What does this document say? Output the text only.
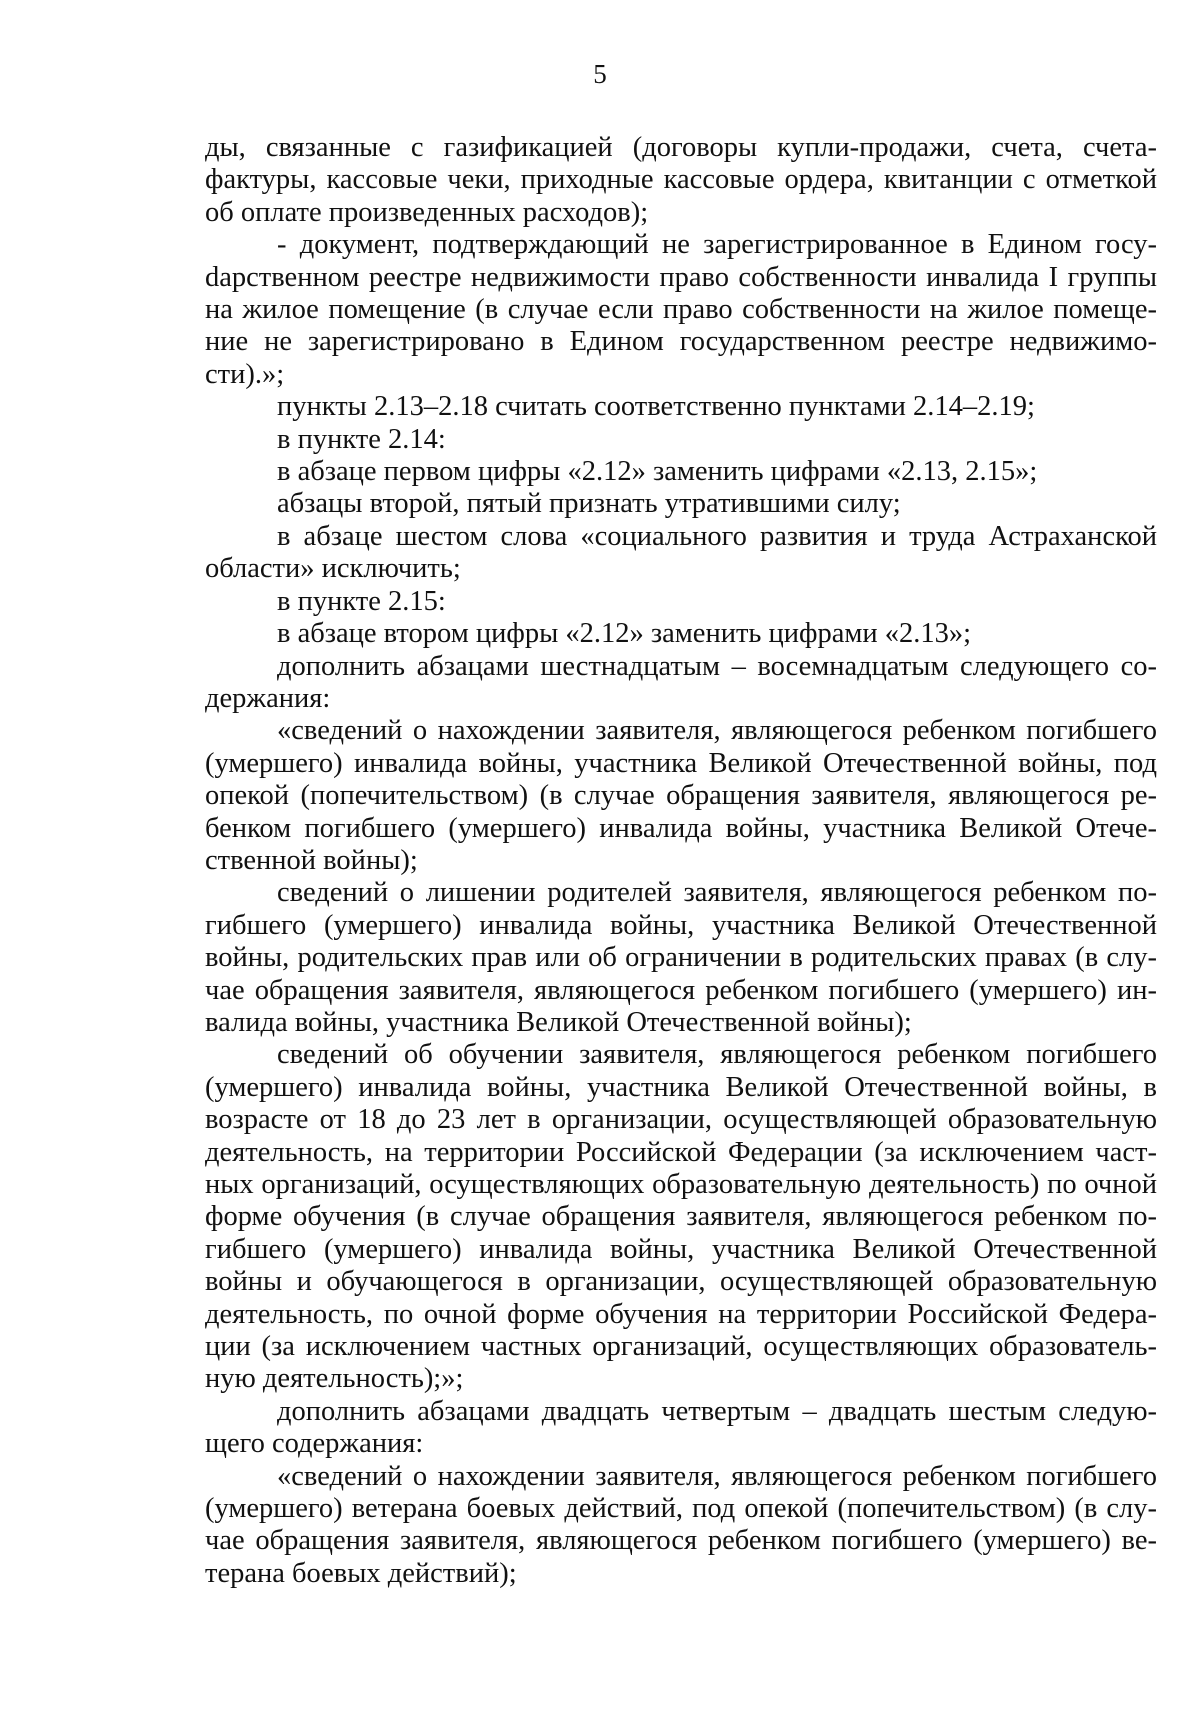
5

ды, связанные с газификацией (договоры купли-продажи, счета, счета-фактуры, кассовые чеки, приходные кассовые ордера, квитанции с отметкой об оплате произведенных расходов);

- документ, подтверждающий не зарегистрированное в Едином госуdарственном реестре недвижимости право собственности инвалида I группы на жилое помещение (в случае если право собственности на жилое помещение не зарегистрировано в Едином государственном реестре недвижимости).»;

пункты 2.13–2.18 считать соответственно пунктами 2.14–2.19;

в пункте 2.14:

в абзаце первом цифры «2.12» заменить цифрами «2.13, 2.15»;

абзацы второй, пятый признать утратившими силу;

в абзаце шестом слова «социального развития и труда Астраханской области» исключить;

в пункте 2.15:

в абзаце втором цифры «2.12» заменить цифрами «2.13»;

дополнить абзацами шестнадцатым – восемнадцатым следующего содержания:

«сведений о нахождении заявителя, являющегося ребенком погибшего (умершего) инвалида войны, участника Великой Отечественной войны, под опекой (попечительством) (в случае обращения заявителя, являющегося ребенком погибшего (умершего) инвалида войны, участника Великой Отечественной войны);

сведений о лишении родителей заявителя, являющегося ребенком погибшего (умершего) инвалида войны, участника Великой Отечественной войны, родительских прав или об ограничении в родительских правах (в случае обращения заявителя, являющегося ребенком погибшего (умершего) инвалида войны, участника Великой Отечественной войны);

сведений об обучении заявителя, являющегося ребенком погибшего (умершего) инвалида войны, участника Великой Отечественной войны, в возрасте от 18 до 23 лет в организации, осуществляющей образовательную деятельность, на территории Российской Федерации (за исключением частных организаций, осуществляющих образовательную деятельность) по очной форме обучения (в случае обращения заявителя, являющегося ребенком погибшего (умершего) инвалида войны, участника Великой Отечественной войны и обучающегося в организации, осуществляющей образовательную деятельность, по очной форме обучения на территории Российской Федерации (за исключением частных организаций, осуществляющих образовательную деятельность);»;

дополнить абзацами двадцать четвертым – двадцать шестым следующего содержания:

«сведений о нахождении заявителя, являющегося ребенком погибшего (умершего) ветерана боевых действий, под опекой (попечительством) (в случае обращения заявителя, являющегося ребенком погибшего (умершего) ветерана боевых действий);
